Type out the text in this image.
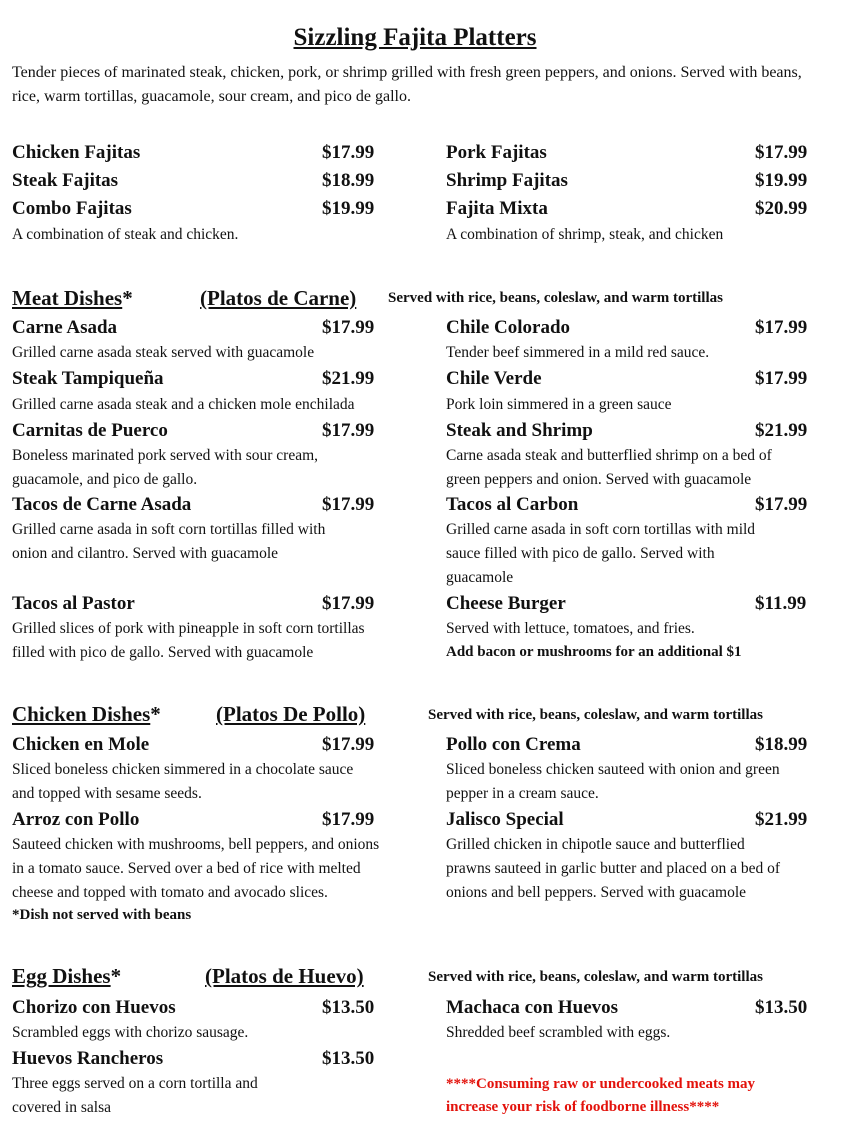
Sizzling Fajita Platters
Tender pieces of marinated steak, chicken, pork, or shrimp grilled with fresh green peppers, and onions. Served with beans, rice, warm tortillas, guacamole, sour cream, and pico de gallo.
Chicken Fajitas	$17.99
Steak Fajitas	$18.99
Combo Fajitas	$19.99
A combination of steak and chicken.
Pork Fajitas	$17.99
Shrimp Fajitas	$19.99
Fajita Mixta	$20.99
A combination of shrimp, steak, and chicken
Meat Dishes*	(Platos de Carne) Served with rice, beans, coleslaw, and warm tortillas
Carne Asada	$17.99
Grilled carne asada steak served with guacamole
Steak Tampiqueña	$21.99
Grilled carne asada steak and a chicken mole enchilada
Carnitas de Puerco	$17.99
Boneless marinated pork served with sour cream,
guacamole, and pico de gallo.
Tacos de Carne Asada	$17.99
Grilled carne asada in soft corn tortillas filled with
onion and cilantro. Served with guacamole
Tacos al Pastor	$17.99
Grilled slices of pork with pineapple in soft corn tortillas
filled with pico de gallo. Served with guacamole
Chile Colorado	$17.99
Tender beef simmered in a mild red sauce.
Chile Verde	$17.99
Pork loin simmered in a green sauce
Steak and Shrimp	$21.99
Carne asada steak and butterflied shrimp on a bed of
green peppers and onion. Served with guacamole
Tacos al Carbon	$17.99
Grilled carne asada in soft corn tortillas with mild
sauce filled with pico de gallo. Served with
guacamole
Cheese Burger	$11.99
Served with lettuce, tomatoes, and fries.
Add bacon or mushrooms for an additional $1
Chicken Dishes*	(Platos De Pollo)	Served with rice, beans, coleslaw, and warm tortillas
Chicken en Mole	$17.99
Sliced boneless chicken simmered in a chocolate sauce
and topped with sesame seeds.
Arroz con Pollo	$17.99
Sauteed chicken with mushrooms, bell peppers, and onions
in a tomato sauce. Served over a bed of rice with melted
cheese and topped with tomato and avocado slices.
*Dish not served with beans
Pollo con Crema	$18.99
Sliced boneless chicken sauteed with onion and green
pepper in a cream sauce.
Jalisco Special	$21.99
Grilled chicken in chipotle sauce and butterflied
prawns sauteed in garlic butter and placed on a bed of
onions and bell peppers. Served with guacamole
Egg Dishes*	(Platos de Huevo)	Served with rice, beans, coleslaw, and warm tortillas
Chorizo con Huevos	$13.50
Scrambled eggs with chorizo sausage.
Huevos Rancheros	$13.50
Three eggs served on a corn tortilla and
covered in salsa
Machaca con Huevos	$13.50
Shredded beef scrambled with eggs.
****Consuming raw or undercooked meats may
increase your risk of foodborne illness****
